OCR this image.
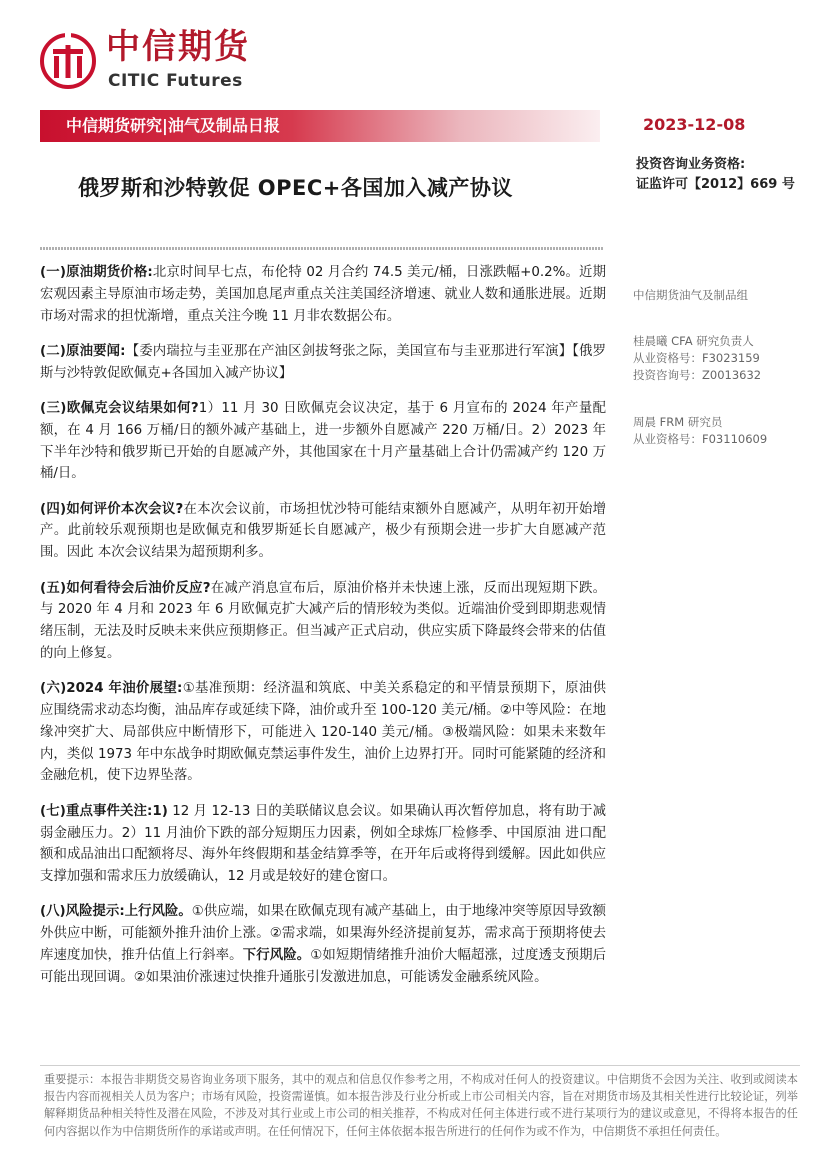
中信期货
CITIC Futures
中信期货研究|油气及制品日报	2023-12-08
投资咨询业务资格:
证监许可【2012】669 号
俄罗斯和沙特敦促 OPEC+各国加入减产协议

(一)原油期货价格:北京时间早七点，布伦特 02 月合约 74.5 美元/桶，日涨跌幅+0.2%。近期宏观因素主导原油市场走势，美国加息尾声重点关注美国经济增速、就业人数和通胀进展。近期市场对需求的担忧渐增，重点关注今晚 11 月非农数据公布。

(二)原油要闻:【委内瑞拉与圭亚那在产油区剑拔弩张之际，美国宣布与圭亚那进行军演】【俄罗斯与沙特敦促欧佩克+各国加入减产协议】

(三)欧佩克会议结果如何?1）11 月 30 日欧佩克会议决定，基于 6 月宣布的 2024 年产量配额，在 4 月 166 万桶/日的额外减产基础上，进一步额外自愿减产 220 万桶/日。2）2023 年下半年沙特和俄罗斯已开始的自愿减产外，其他国家在十月产量基础上合计仍需减产约 120 万桶/日。

(四)如何评价本次会议?在本次会议前，市场担忧沙特可能结束额外自愿减产，从明年初开始增产。此前较乐观预期也是欧佩克和俄罗斯延长自愿减产，极少有预期会进一步扩大自愿减产范围。因此 本次会议结果为超预期利多。

(五)如何看待会后油价反应?在减产消息宣布后，原油价格并未快速上涨，反而出现短期下跌。与 2020 年 4 月和 2023 年 6 月欧佩克扩大减产后的情形较为类似。近端油价受到即期悲观情绪压制，无法及时反映未来供应预期修正。但当减产正式启动，供应实质下降最终会带来的估值的向上修复。

(六)2024 年油价展望:①基准预期：经济温和筑底、中美关系稳定的和平情景预期下，原油供应围绕需求动态均衡，油品库存或延续下降，油价或升至 100-120 美元/桶。②中等风险：在地缘冲突扩大、局部供应中断情形下，可能进入 120-140 美元/桶。③极端风险：如果未来数年内，类似 1973 年中东战争时期欧佩克禁运事件发生，油价上边界打开。同时可能紧随的经济和金融危机，使下边界坠落。

(七)重点事件关注:1) 12 月 12-13 日的美联储议息会议。如果确认再次暂停加息，将有助于减弱金融压力。2）11 月油价下跌的部分短期压力因素，例如全球炼厂检修季、中国原油 进口配额和成品油出口配额将尽、海外年终假期和基金结算季等，在开年后或将得到缓解。因此如供应支撑加强和需求压力放缓确认，12 月或是较好的建仓窗口。

(八)风险提示:上行风险。①供应端，如果在欧佩克现有减产基础上，由于地缘冲突等原因导致额外供应中断，可能额外推升油价上涨。②需求端，如果海外经济提前复苏，需求高于预期将使去库速度加快，推升估值上行斜率。下行风险。①如短期情绪推升油价大幅超涨，过度透支预期后可能出现回调。②如果油价涨速过快推升通胀引发激进加息，可能诱发金融系统风险。

中信期货油气及制品组
桂晨曦 CFA 研究负责人
从业资格号：F3023159
投资咨询号：Z0013632
周晨 FRM 研究员
从业资格号：F03110609
重要提示：本报告非期货交易咨询业务项下服务，其中的观点和信息仅作参考之用，不构成对任何人的投资建议。中信期货不会因为关注、收到或阅读本报告内容而视相关人员为客户；市场有风险，投资需谨慎。如本报告涉及行业分析或上市公司相关内容，旨在对期货市场及其相关性进行比较论证，列举解释期货品种相关特性及潜在风险，不涉及对其行业或上市公司的相关推荐，不构成对任何主体进行或不进行某项行为的建议或意见，不得将本报告的任何内容据以作为中信期货所作的承诺或声明。在任何情况下，任何主体依据本报告所进行的任何作为或不作为，中信期货不承担任何责任。
